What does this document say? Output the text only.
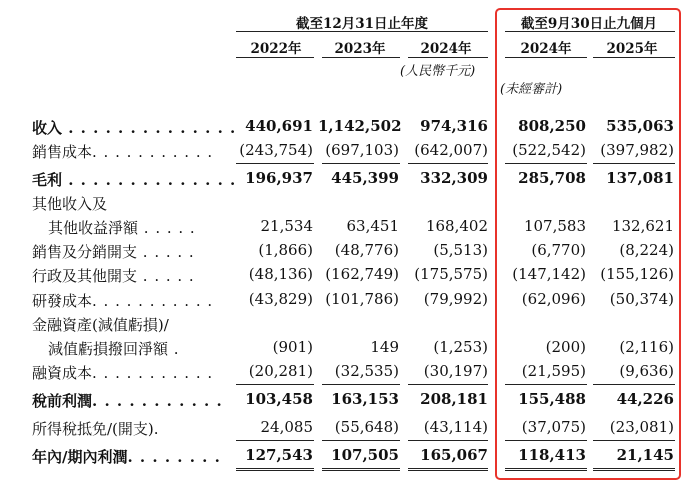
截至12月31日止年度	截至9月30日止九個月
2022年	2023年	2024年	2024年	2025年
(人民幣千元)
(未經審計)
收入 . . . . . . . . . . . . . . 440,691 1,142,502	974,316	808,250	535,063
銷售成本. . . . . . . . . . .	(243,754) (697,103)	(642,007)	(522,542) (397,982)
毛利 . . . . . . . . . . . . . . 196,937	445,399	332,309	285,708	137,081
其他收入及
其他收益淨額 . . . . .	21,534	63,451	168,402	107,583	132,621
銷售及分銷開支 . . . . .	(1,866)	(48,776)	(5,513)	(6,770)	(8,224)
行政及其他開支 . . . . .	(48,136) (162,749)	(175,575)	(147,142) (155,126)
研發成本. . . . . . . . . . .	(43,829) (101,786)	(79,992)	(62,096)	(50,374)
金融資產(減值虧損)/
減值虧損撥回淨額 .	(901)	149	(1,253)	(200)	(2,116)
融資成本. . . . . . . . . . .	(20,281)	(32,535)	(30,197)	(21,595)	(9,636)
稅前利潤. . . . . . . . . . .	103,458	163,153	208,181	155,488	44,226
所得稅抵免/(開支).	24,085	(55,648)	(43,114)	(37,075)	(23,081)
年內/期內利潤. . . . . . . .	127,543	107,505	165,067	118,413	21,145
